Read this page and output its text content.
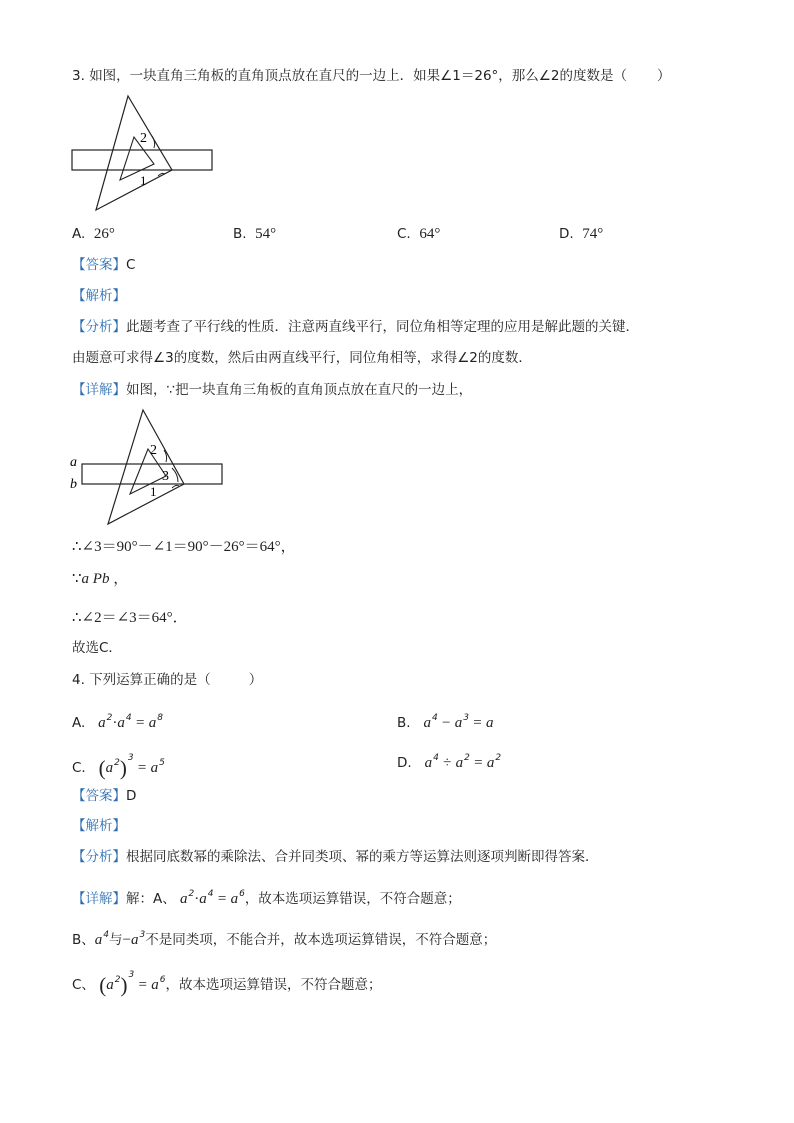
3. 如图，一块直角三角板的直角顶点放在直尺的一边上．如果∠1＝26°，那么∠2的度数是（ ）
2
1
A. 26°	B. 54°	C. 64°	D. 74°
【答案】C
【解析】
【分析】此题考查了平行线的性质．注意两直线平行，同位角相等定理的应用是解此题的关键．
由题意可求得∠3的度数，然后由两直线平行，同位角相等，求得∠2的度数．
【详解】如图，∵把一块直角三角板的直角顶点放在直尺的一边上，
a
b
2
3
1
∴∠3＝90°－∠1＝90°－26°＝64°，
∵a Pb ，
∴∠2＝∠3＝64°．
故选C．
4. 下列运算正确的是（	）
A. $a^2\cdot a^4 = a^8$	B. $a^4 - a^3 = a$
C. $(a^2)^3 = a^5$	D. $a^4 \div a^2 = a^2$
【答案】D
【解析】
【分析】根据同底数幂的乘除法、合并同类项、幂的乘方等运算法则逐项判断即得答案．
【详解】解：A、 $a^2\cdot a^4 = a^6$，故本选项运算错误，不符合题意；
B、$a^4$与$-a^3$不是同类项，不能合并，故本选项运算错误，不符合题意；
C、 $(a^2)^3 = a^6$，故本选项运算错误，不符合题意；
